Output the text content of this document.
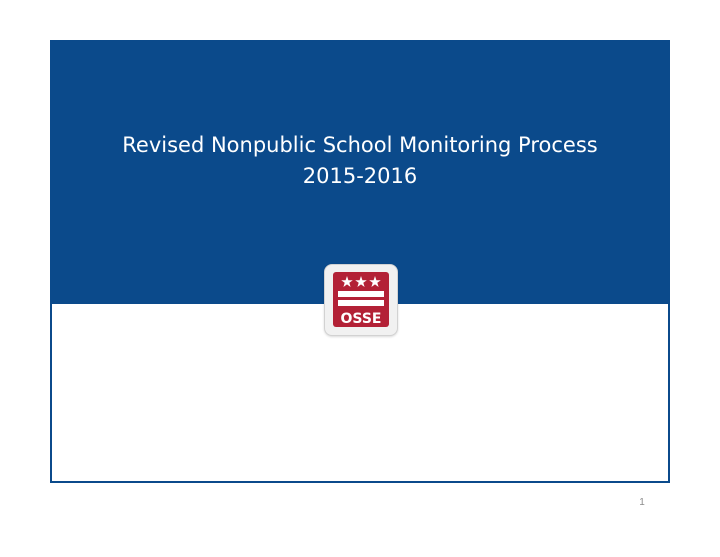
Revised Nonpublic School Monitoring Process
2015-2016
OSSE
1
